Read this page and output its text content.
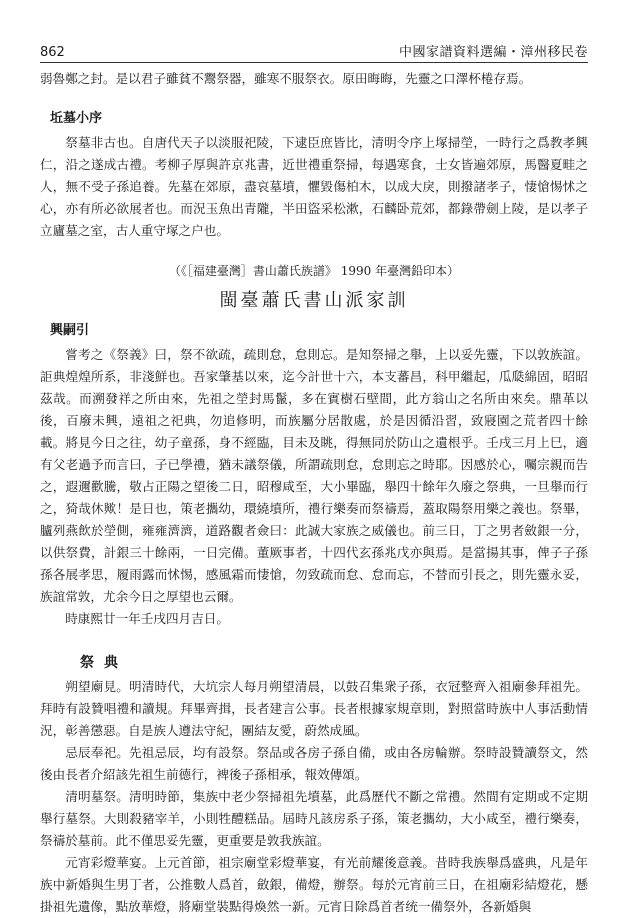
862	中國家譜資料選編・漳州移民卷

弱魯鄭之封。是以君子雖貧不鬻祭器，雖寒不服祭衣。原田晦晦，先靈之口澤杯棬存焉。

坵墓小序

祭墓非古也。自唐代天子以淡服祀陵，下逮臣庶皆比，清明令序上塚掃塋，一時行之爲教孝興仁，沿之遂成古禮。考柳子厚與許京兆書，近世禮重祭掃，每遇寒食，士女皆遍郊原，馬醫夏畦之人，無不受子孫追養。先墓在郊原，盡哀墓墳，懼毀傷柏木，以成大戾，則撥諸孝子，悽愴惕怵之心，亦有所必欲展者也。而況玉魚出青隴，半田盜采松漱，石麟卧荒郊，都錄帶劍上陵，是以孝子立廬墓之室，古人重守塚之户也。

（《［福建臺灣］書山蕭氏族譜》 1990 年臺灣鉛印本）
閩臺蕭氏書山派家訓
興嗣引

嘗考之《祭義》曰，祭不欲疏，疏則怠，怠則忘。是知祭掃之舉，上以妥先靈，下以敦族誼。詎典煌煌所系，非淺鮮也。吾家肇基以來，迄今計世十六，本支蕃昌，科甲繼起，瓜瓞綿固，昭昭茲哉。而溯發祥之所由來，先祖之塋封馬鬣，多在賓樹石壁間，此方翁山之名所由來矣。鼎革以後，百廢未興，遠祖之祀典，勿追修明，而族屬分居散處，於是因循沿習，致寢園之荒者四十餘載。將見今日之往，幼子童孫，身不經臨，目未及眺，得無同於防山之遺根乎。壬戌三月上巳，適有父老過予而言曰，子已學禮，猶未議祭儀，所謂疏則怠，怠則忘之時耶。因感於心，囑宗親而告之，遐邇歡騰，敬占正陽之望後二日，昭穆咸至，大小畢臨，舉四十餘年久廢之祭典，一旦舉而行之，猗哉休歟！是日也，策老攜幼，環繞墳所，禮行樂奏而祭禱焉，蓋取陽祭用樂之義也。祭畢，臚列燕飲於塋側，雍雍濟濟，道路觀者僉曰：此誠大家族之威儀也。前三日，丁之男者斂銀一分，以供祭費，計銀三十餘兩，一日完備。董厥事者，十四代玄孫兆戊亦與焉。是當揚其事，俾子子孫孫各展孝思，履雨露而怵惕，感風霜而悽愴，勿致疏而怠、怠而忘，不替而引長之，則先靈永妥，族誼常敦，尤余今日之厚望也云爾。

時康熙廿一年壬戌四月吉日。

祭典

朔望廟見。明清時代，大坑宗人每月朔望清晨，以鼓召集衆子孫，衣冠整齊入祖廟參拜祖先。拜時有設贊唱禮和讀規。拜畢齊揖，長者建言公事。長者根據家規章則，對照當時族中人事活動情況，彰善懲惡。自是族人遵法守紀，團結友愛，蔚然成風。

忌辰奉祀。先祖忌辰，均有設祭。祭品或各房子孫自備，或由各房輪辦。祭時設贊讀祭文，然後由長者介紹該先祖生前德行，裨後子孫相承，報效傳頌。

清明墓祭。清明時節，集族中老少祭掃祖先墳墓，此爲歷代不斷之常禮。然間有定期或不定期舉行墓祭。大則殺豬宰羊，小則牲醴糕品。屆時凡該房系子孫，策老攜幼，大小咸至，禮行樂奏，祭禱於墓前。此不僅思妥先靈，更重要是敦我族誼。

元宵彩燈華宴。上元首節，祖宗廟堂彩燈華宴，有光前耀後意義。昔時我族舉爲盛典，凡是年族中新婚與生男丁者，公推數人爲首，斂銀，備燈，辦祭。每於元宵前三日，在祖廟彩結燈花，懸掛祖先遺像，點放華燈，將廟堂裝點得煥然一新。元宵日除爲首者统一備祭外，各新婚與
